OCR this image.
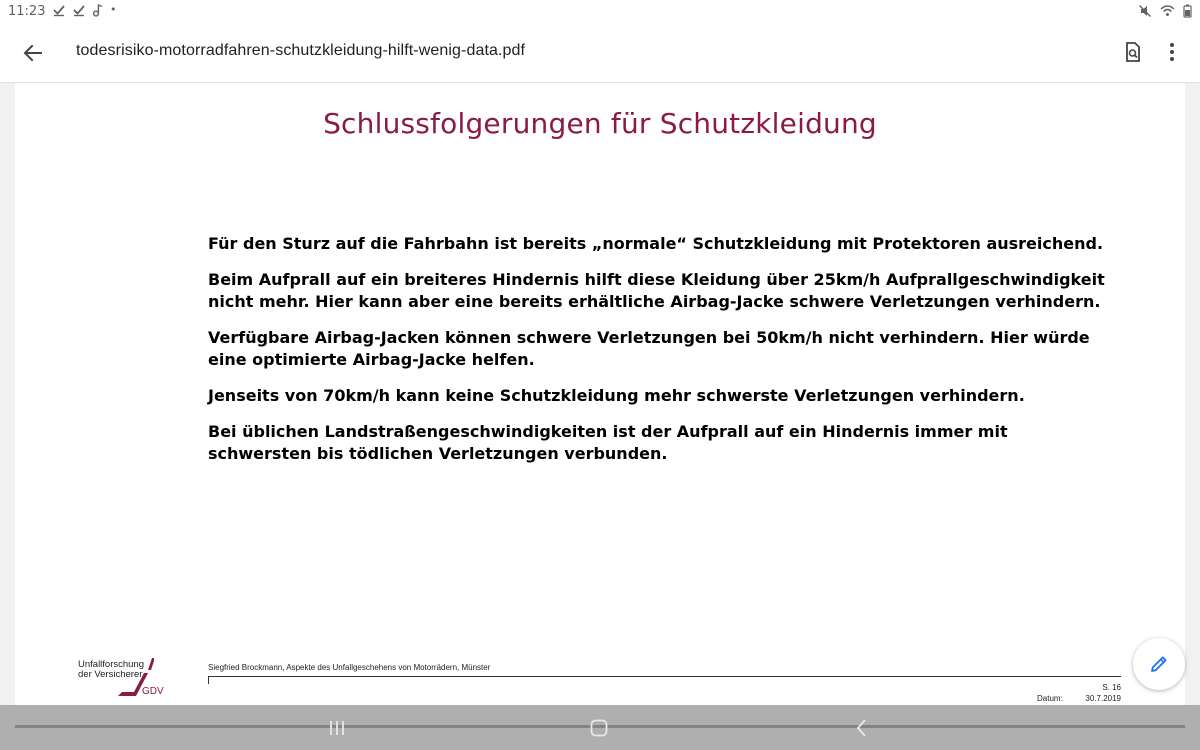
11:23	•
todesrisiko-motorradfahren-schutzkleidung-hilft-wenig-data.pdf
Schlussfolgerungen für Schutzkleidung

Für den Sturz auf die Fahrbahn ist bereits „normale“ Schutzkleidung mit Protektoren ausreichend.

Beim Aufprall auf ein breiteres Hindernis hilft diese Kleidung über 25km/h Aufprallgeschwindigkeit nicht mehr. Hier kann aber eine bereits erhältliche Airbag-Jacke schwere Verletzungen verhindern.

Verfügbare Airbag-Jacken können schwere Verletzungen bei 50km/h nicht verhindern. Hier würde eine optimierte Airbag-Jacke helfen.

Jenseits von 70km/h kann keine Schutzkleidung mehr schwerste Verletzungen verhindern.

Bei üblichen Landstraßengeschwindigkeiten ist der Aufprall auf ein Hindernis immer mit schwersten bis tödlichen Verletzungen verbunden.

Unfallforschung
der Versicherer
GDV
Siegfried Brockmann, Aspekte des Unfallgeschehens von Motorrädern, Münster
S. 16
Datum:	30.7.2019
